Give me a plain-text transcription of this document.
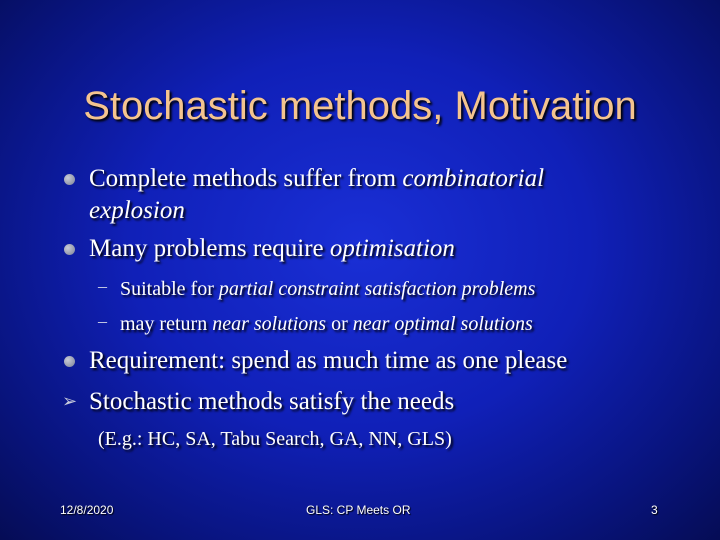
Stochastic methods, Motivation
Complete methods suffer from combinatorial
explosion
Many problems require optimisation
– Suitable for partial constraint satisfaction problems
– may return near solutions or near optimal solutions
Requirement: spend as much time as one please
➢ Stochastic methods satisfy the needs
(E.g.: HC, SA, Tabu Search, GA, NN, GLS)
12/8/2020	GLS: CP Meets OR	3
